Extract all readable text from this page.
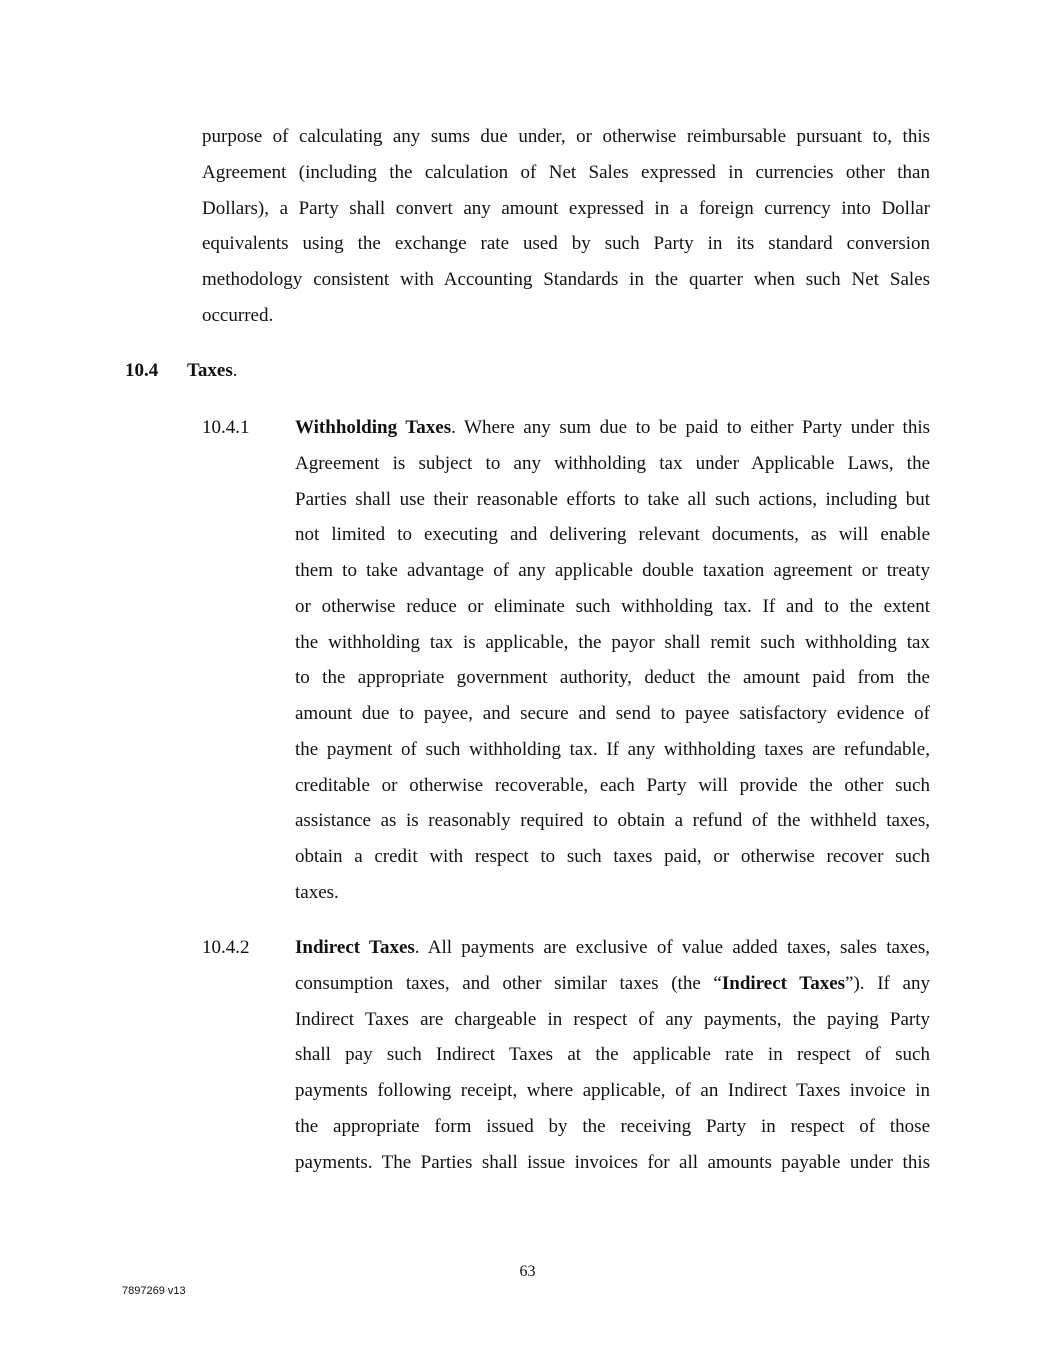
purpose of calculating any sums due under, or otherwise reimbursable pursuant to, this
Agreement (including the calculation of Net Sales expressed in currencies other than
Dollars), a Party shall convert any amount expressed in a foreign currency into Dollar
equivalents using the exchange rate used by such Party in its standard conversion
methodology consistent with Accounting Standards in the quarter when such Net Sales
occurred.
10.4 Taxes.
10.4.1 Withholding Taxes. Where any sum due to be paid to either Party under this
Agreement is subject to any withholding tax under Applicable Laws, the
Parties shall use their reasonable efforts to take all such actions, including but
not limited to executing and delivering relevant documents, as will enable
them to take advantage of any applicable double taxation agreement or treaty
or otherwise reduce or eliminate such withholding tax. If and to the extent
the withholding tax is applicable, the payor shall remit such withholding tax
to the appropriate government authority, deduct the amount paid from the
amount due to payee, and secure and send to payee satisfactory evidence of
the payment of such withholding tax. If any withholding taxes are refundable,
creditable or otherwise recoverable, each Party will provide the other such
assistance as is reasonably required to obtain a refund of the withheld taxes,
obtain a credit with respect to such taxes paid, or otherwise recover such
taxes.
10.4.2 Indirect Taxes. All payments are exclusive of value added taxes, sales taxes,
consumption taxes, and other similar taxes (the “Indirect Taxes”). If any
Indirect Taxes are chargeable in respect of any payments, the paying Party
shall pay such Indirect Taxes at the applicable rate in respect of such
payments following receipt, where applicable, of an Indirect Taxes invoice in
the appropriate form issued by the receiving Party in respect of those
payments. The Parties shall issue invoices for all amounts payable under this
63
7897269 v13
